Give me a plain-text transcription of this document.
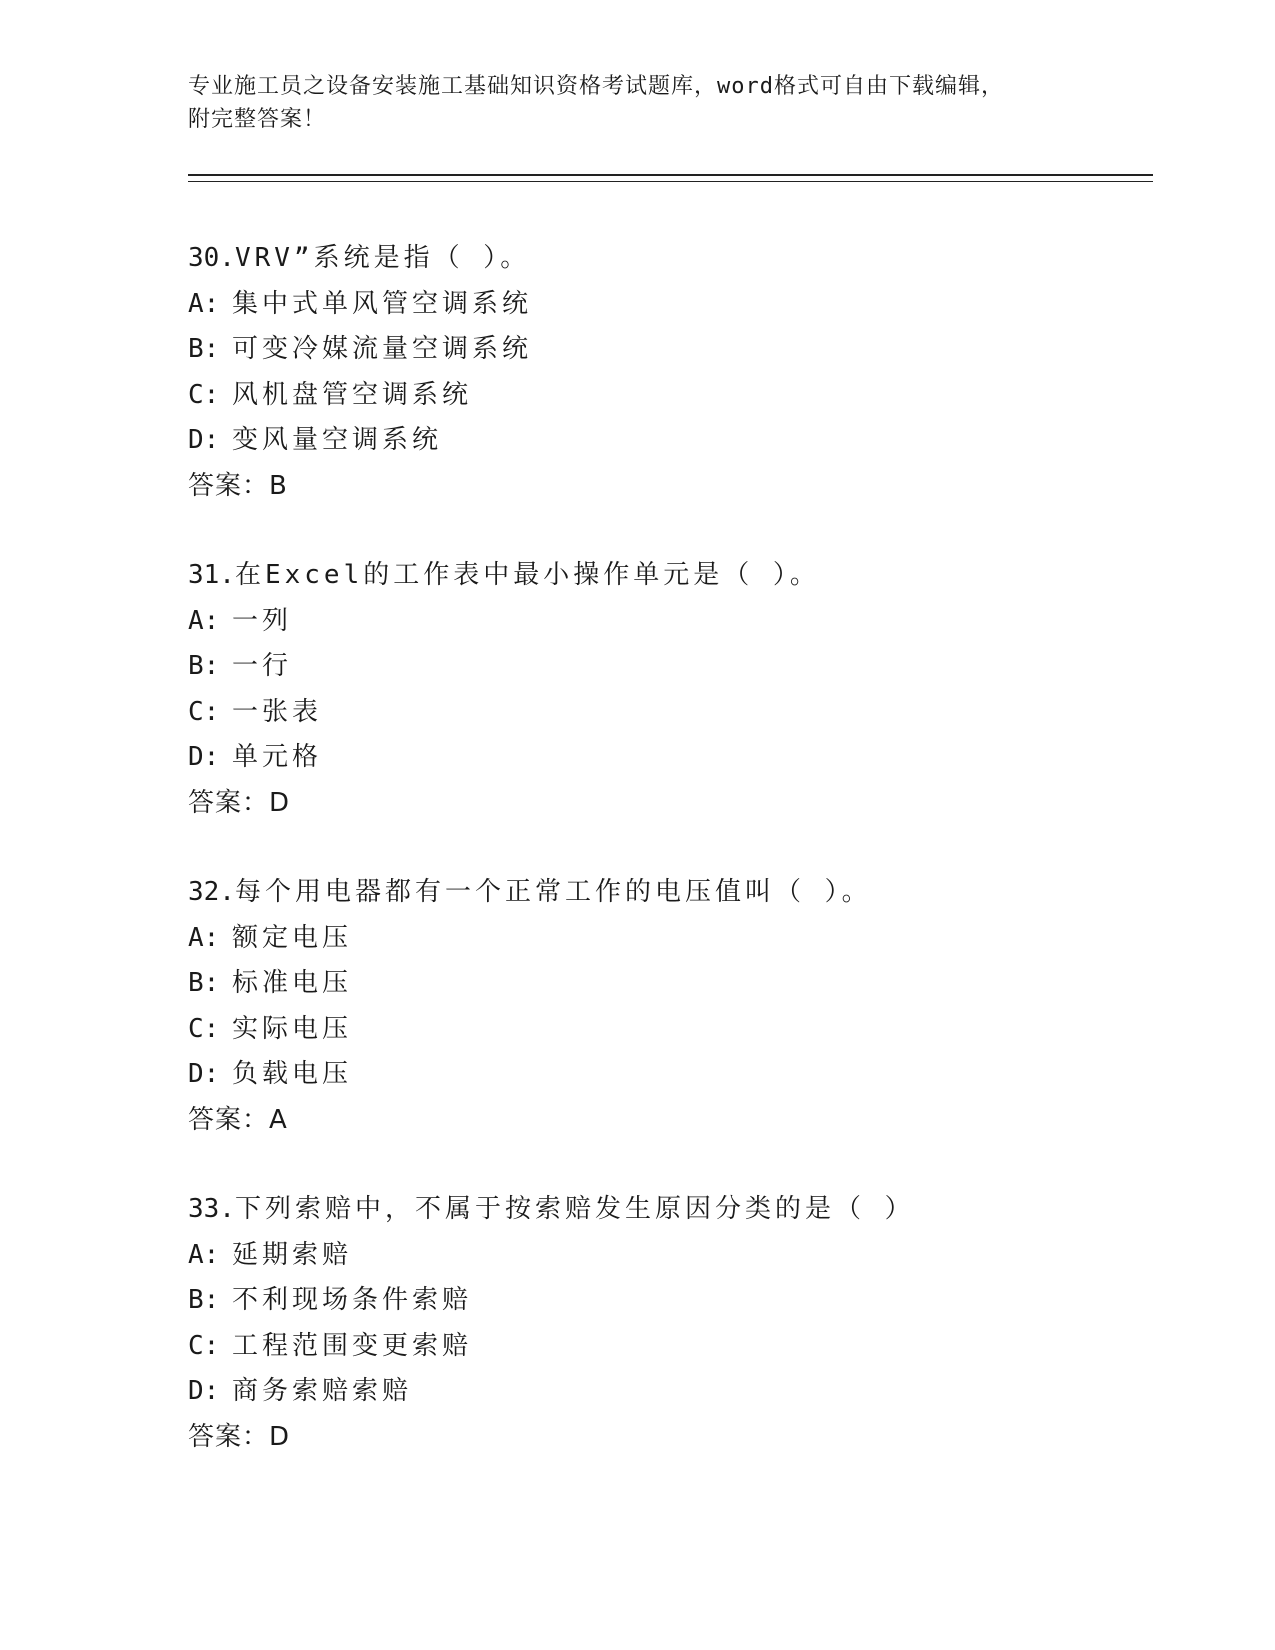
专业施工员之设备安装施工基础知识资格考试题库，word格式可自由下载编辑，

附完整答案！

30.VRV”系统是指（ ）。
A: 集中式单风管空调系统
B: 可变冷媒流量空调系统
C: 风机盘管空调系统
D: 变风量空调系统
答案：B
31.在Excel的工作表中最小操作单元是（ ）。
A: 一列
B: 一行
C: 一张表
D: 单元格
答案：D
32.每个用电器都有一个正常工作的电压值叫（ ）。
A: 额定电压
B: 标准电压
C: 实际电压
D: 负载电压
答案：A
33.下列索赔中，不属于按索赔发生原因分类的是（ ）
A: 延期索赔
B: 不利现场条件索赔
C: 工程范围变更索赔
D: 商务索赔索赔
答案：D
